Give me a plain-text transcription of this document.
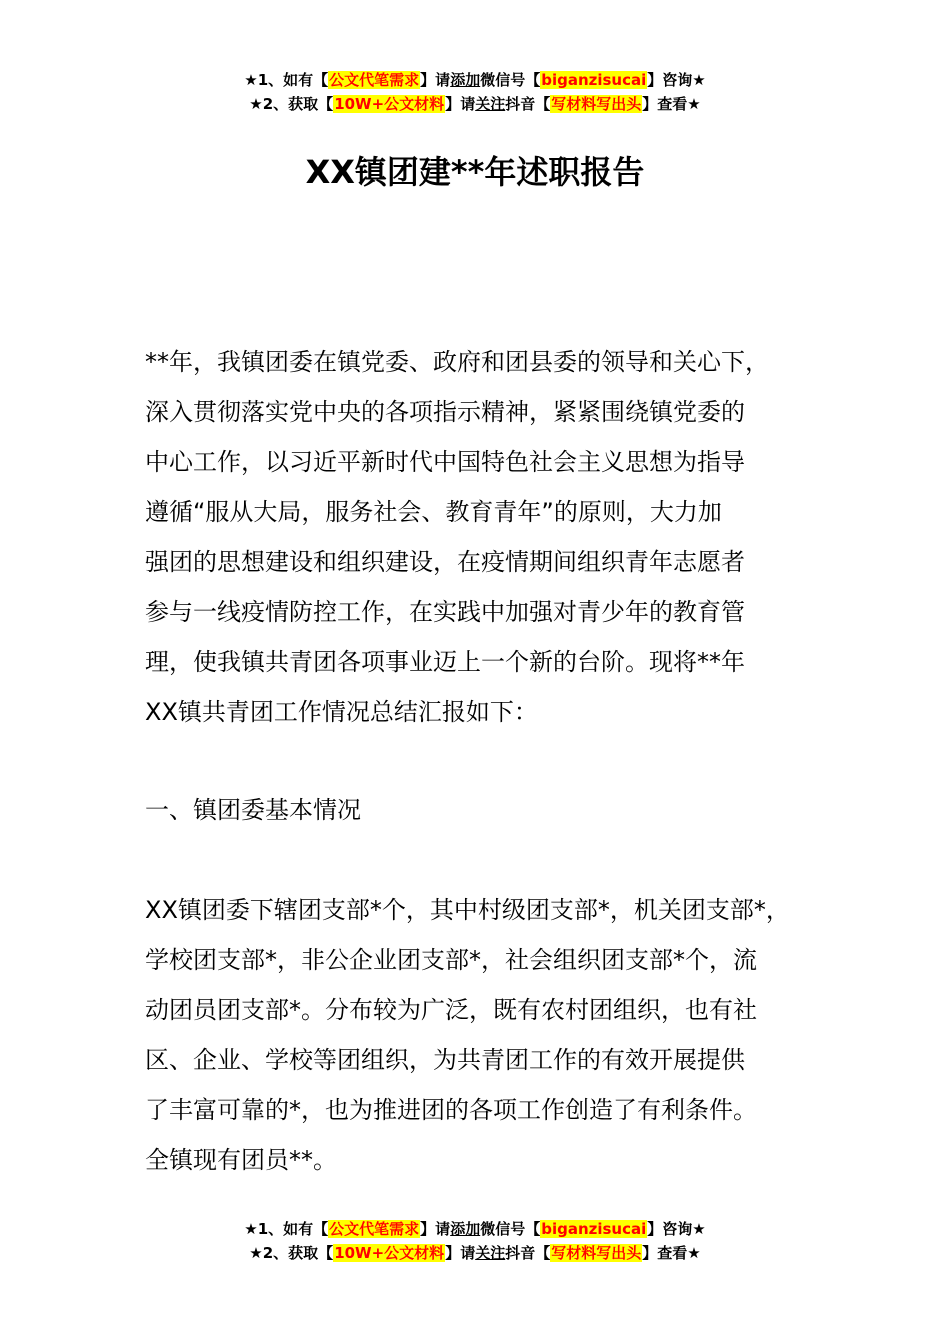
★1、如有【公文代笔需求】请添加微信号【biganzisucai】咨询★
★2、获取【10W+公文材料】请关注抖音【写材料写出头】查看★
XX镇团建**年述职报告
**年，我镇团委在镇党委、政府和团县委的领导和关心下，
深入贯彻落实党中央的各项指示精神，紧紧围绕镇党委的
中心工作，以习近平新时代中国特色社会主义思想为指导
遵循“服从大局，服务社会、教育青年”的原则，大力加
强团的思想建设和组织建设，在疫情期间组织青年志愿者
参与一线疫情防控工作，在实践中加强对青少年的教育管
理，使我镇共青团各项事业迈上一个新的台阶。现将**年
XX镇共青团工作情况总结汇报如下：
一、镇团委基本情况
XX镇团委下辖团支部*个，其中村级团支部*，机关团支部*，
学校团支部*，非公企业团支部*，社会组织团支部*个，流
动团员团支部*。分布较为广泛，既有农村团组织，也有社
区、企业、学校等团组织，为共青团工作的有效开展提供
了丰富可靠的*，也为推进团的各项工作创造了有利条件。
全镇现有团员**。
★1、如有【公文代笔需求】请添加微信号【biganzisucai】咨询★
★2、获取【10W+公文材料】请关注抖音【写材料写出头】查看★
